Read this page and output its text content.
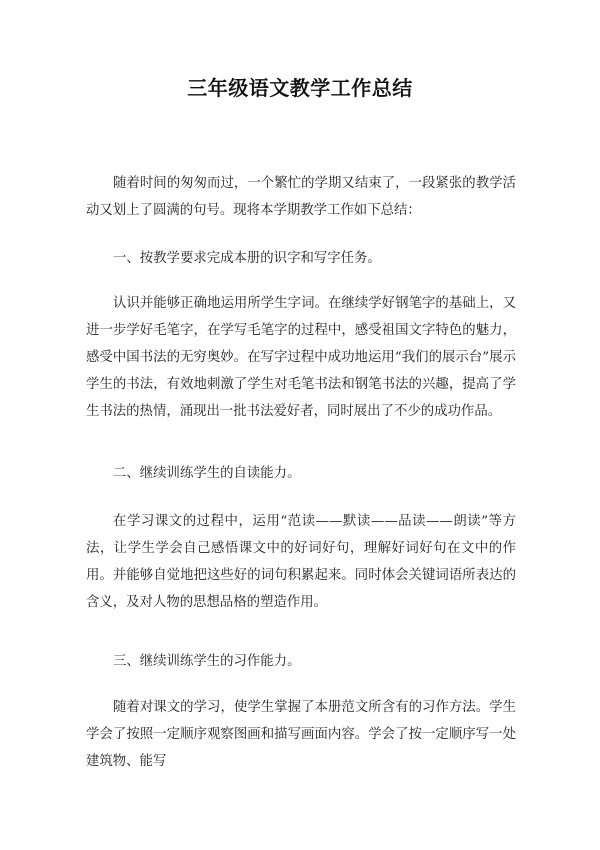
三年级语文教学工作总结

随着时间的匆匆而过，一个繁忙的学期又结束了，一段紧张的教学活动又划上了圆满的句号。现将本学期教学工作如下总结：

一、按教学要求完成本册的识字和写字任务。

认识并能够正确地运用所学生字词。在继续学好钢笔字的基础上，又进一步学好毛笔字，在学写毛笔字的过程中，感受祖国文字特色的魅力，感受中国书法的无穷奥妙。在写字过程中成功地运用“我们的展示台”展示学生的书法，有效地刺激了学生对毛笔书法和钢笔书法的兴趣，提高了学生书法的热情，涌现出一批书法爱好者，同时展出了不少的成功作品。

二、继续训练学生的自读能力。

在学习课文的过程中，运用“范读——默读——品读——朗读”等方法，让学生学会自己感悟课文中的好词好句，理解好词好句在文中的作用。并能够自觉地把这些好的词句积累起来。同时体会关键词语所表达的含义，及对人物的思想品格的塑造作用。

三、继续训练学生的习作能力。

随着对课文的学习，使学生掌握了本册范文所含有的习作方法。学生学会了按照一定顺序观察图画和描写画面内容。学会了按一定顺序写一处建筑物、能写
